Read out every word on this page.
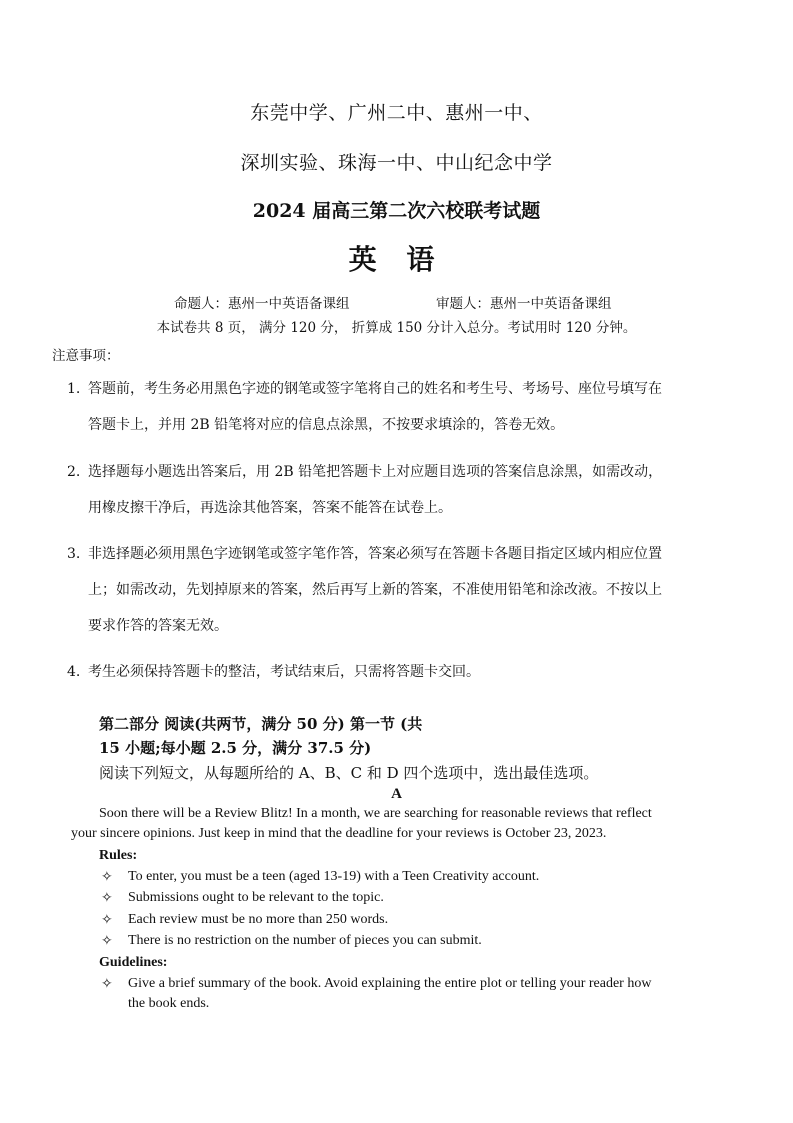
东莞中学、广州二中、惠州一中、
深圳实验、珠海一中、中山纪念中学
2024 届高三第二次六校联考试题
英 语
命题人：惠州一中英语备课组	审题人：惠州一中英语备课组
本试卷共 8 页， 满分 120 分， 折算成 150 分计入总分。考试用时 120 分钟。
注意事项：
1. 答题前，考生务必用黑色字迹的钢笔或签字笔将自己的姓名和考生号、考场号、座位号填写在
答题卡上，并用 2B 铅笔将对应的信息点涂黑，不按要求填涂的，答卷无效。
2. 选择题每小题选出答案后，用 2B 铅笔把答题卡上对应题目选项的答案信息涂黑，如需改动，
用橡皮擦干净后，再选涂其他答案，答案不能答在试卷上。
3. 非选择题必须用黑色字迹钢笔或签字笔作答，答案必须写在答题卡各题目指定区域内相应位置
上；如需改动，先划掉原来的答案，然后再写上新的答案，不准使用铅笔和涂改液。不按以上
要求作答的答案无效。
4. 考生必须保持答题卡的整洁，考试结束后，只需将答题卡交回。
第二部分 阅读(共两节，满分 50 分) 第一节 (共
15 小题;每小题 2.5 分，满分 37.5 分)
阅读下列短文，从每题所给的 A、B、C 和 D 四个选项中，选出最佳选项。
A
Soon there will be a Review Blitz! In a month, we are searching for reasonable reviews that reflect
your sincere opinions. Just keep in mind that the deadline for your reviews is October 23, 2023.
Rules:
✧ To enter, you must be a teen (aged 13-19) with a Teen Creativity account.
✧ Submissions ought to be relevant to the topic.
✧ Each review must be no more than 250 words.
✧ There is no restriction on the number of pieces you can submit.
Guidelines:
✧ Give a brief summary of the book. Avoid explaining the entire plot or telling your reader how
the book ends.
